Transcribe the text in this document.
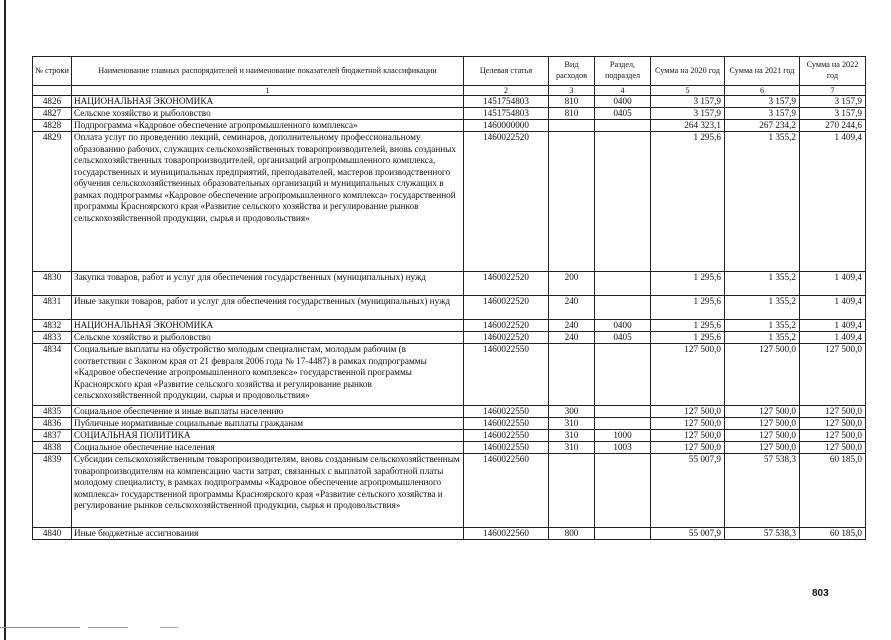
№ строки	Наименование главных распорядителей и наименование показателей бюджетной классификации	Целевая статья	Вид расходов	Раздел, подраздел	Сумма на 2020 год	Сумма на 2021 год	Сумма на 2022 год
	1	2	3	4	5	6	7
4826	НАЦИОНАЛЬНАЯ ЭКОНОМИКА	1451754803	810	0400	3 157,9	3 157,9	3 157,9
4827	Сельское хозяйство и рыболовство	1451754803	810	0405	3 157,9	3 157,9	3 157,9
4828	Подпрограмма «Кадровое обеспечение агропромышленного комплекса»	1460000000			264 323,1	267 234,2	270 244,6
4829	Оплата услуг по проведению лекций, семинаров, дополнительному профессиональному образованию рабочих, служащих сельскохозяйственных товаропроизводителей, вновь созданных сельскохозяйственных товаропроизводителей, организаций агропромышленного комплекса, государственных и муниципальных предприятий, преподавателей, мастеров производственного обучения сельскохозяйственных образовательных организаций и муниципальных служащих в рамках подпрограммы «Кадровое обеспечение агропромышленного комплекса» государственной программы Красноярского края «Развитие сельского хозяйства и регулирование рынков сельскохозяйственной продукции, сырья и продовольствия»	1460022520			1 295,6	1 355,2	1 409,4
4830	Закупка товаров, работ и услуг для обеспечения государственных (муниципальных) нужд	1460022520	200		1 295,6	1 355,2	1 409,4
4831	Иные закупки товаров, работ и услуг для обеспечения государственных (муниципальных) нужд	1460022520	240		1 295,6	1 355,2	1 409,4
4832	НАЦИОНАЛЬНАЯ ЭКОНОМИКА	1460022520	240	0400	1 295,6	1 355,2	1 409,4
4833	Сельское хозяйство и рыболовство	1460022520	240	0405	1 295,6	1 355,2	1 409,4
4834	Социальные выплаты на обустройство молодым специалистам, молодым рабочим (в соответствии с Законом края от 21 февраля 2006 года № 17-4487) в рамках подпрограммы «Кадровое обеспечение агропромышленного комплекса» государственной программы Красноярского края «Развитие сельского хозяйства и регулирование рынков сельскохозяйственной продукции, сырья и продовольствия»	1460022550			127 500,0	127 500,0	127 500,0
4835	Социальное обеспечение и иные выплаты населению	1460022550	300		127 500,0	127 500,0	127 500,0
4836	Публичные нормативные социальные выплаты гражданам	1460022550	310		127 500,0	127 500,0	127 500,0
4837	СОЦИАЛЬНАЯ ПОЛИТИКА	1460022550	310	1000	127 500,0	127 500,0	127 500,0
4838	Социальное обеспечение населения	1460022550	310	1003	127 500,0	127 500,0	127 500,0
4839	Субсидии сельскохозяйственным товаропроизводителям, вновь созданным сельскохозяйственным товаропроизводителям на компенсацию части затрат, связанных с выплатой заработной платы молодому специалисту, в рамках подпрограммы «Кадровое обеспечение агропромышленного комплекса» государственной программы Красноярского края «Развитие сельского хозяйства и регулирование рынков сельскохозяйственной продукции, сырья и продовольствия»	1460022560			55 007,9	57 538,3	60 185,0
4840	Иные бюджетные ассигнования	1460022560	800		55 007,9	57 538,3	60 185,0
803
